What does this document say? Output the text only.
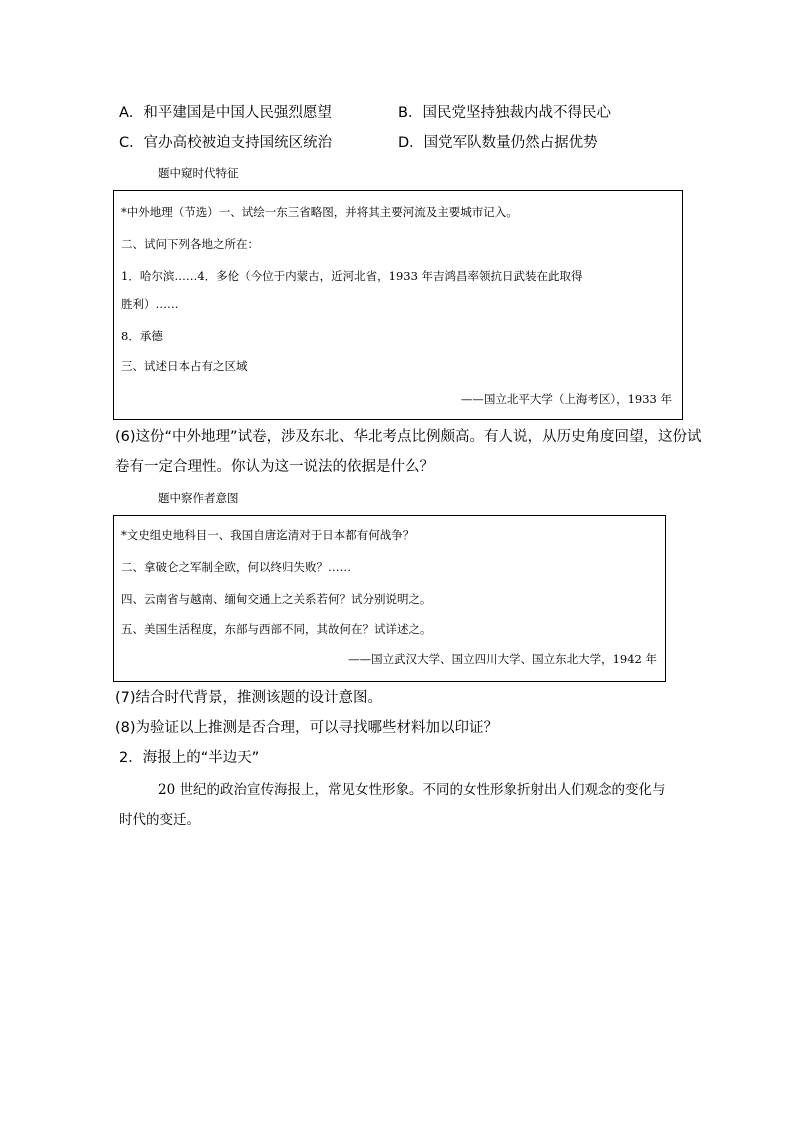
A．和平建国是中国人民强烈愿望	B．国民党坚持独裁内战不得民心
C．官办高校被迫支持国统区统治	D．国党军队数量仍然占据优势
题中窥时代特征
*中外地理（节选）一、试绘一东三省略图，并将其主要河流及主要城市记入。
二、试问下列各地之所在：
1．哈尔滨……4．多伦（今位于内蒙古，近河北省，1933 年吉鸿昌率领抗日武装在此取得
胜利）……
8．承德
三、试述日本占有之区域
——国立北平大学（上海考区），1933 年
(6)这份“中外地理”试卷，涉及东北、华北考点比例颇高。有人说，从历史角度回望，这份试
卷有一定合理性。你认为这一说法的依据是什么？
题中察作者意图
*文史组史地科目一、我国自唐迄清对于日本都有何战争？
二、拿破仑之军制全欧，何以终归失败？……
四、云南省与越南、缅甸交通上之关系若何？试分别说明之。
五、美国生活程度，东部与西部不同，其故何在？试详述之。
——国立武汉大学、国立四川大学、国立东北大学，1942 年
(7)结合时代背景，推测该题的设计意图。
(8)为验证以上推测是否合理，可以寻找哪些材料加以印证？
2．海报上的“半边天”
20 世纪的政治宣传海报上，常见女性形象。不同的女性形象折射出人们观念的变化与
时代的变迁。
